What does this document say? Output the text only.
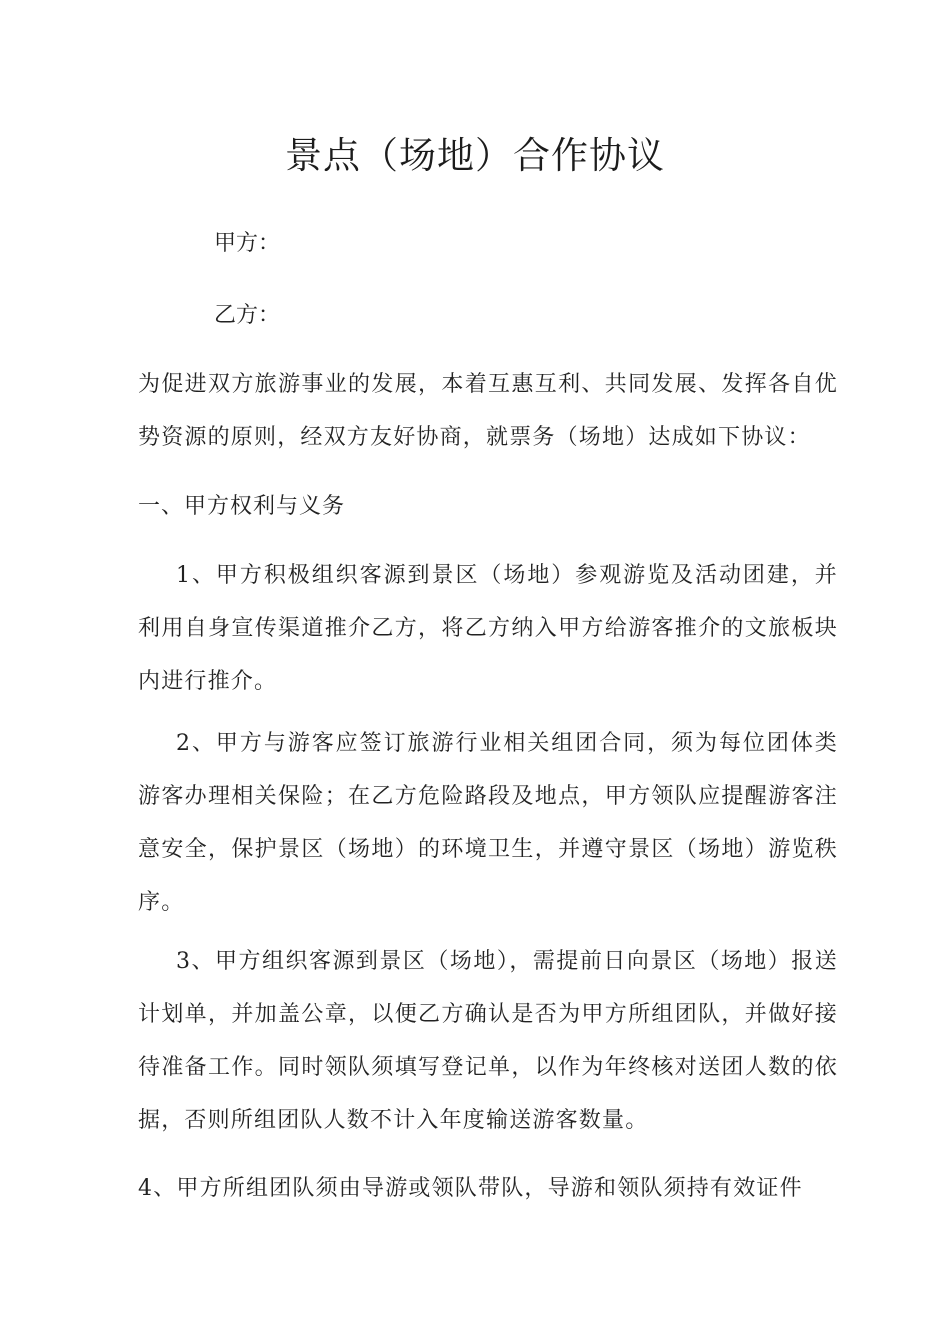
景点（场地）合作协议
甲方：
乙方：
为促进双方旅游事业的发展，本着互惠互利、共同发展、发挥各自优势资源的原则，经双方友好协商，就票务（场地）达成如下协议：
一、甲方权利与义务
1、甲方积极组织客源到景区（场地）参观游览及活动团建，并利用自身宣传渠道推介乙方，将乙方纳入甲方给游客推介的文旅板块内进行推介。
2、甲方与游客应签订旅游行业相关组团合同，须为每位团体类游客办理相关保险；在乙方危险路段及地点，甲方领队应提醒游客注意安全，保护景区（场地）的环境卫生，并遵守景区（场地）游览秩序。
3、甲方组织客源到景区（场地），需提前日向景区（场地）报送计划单，并加盖公章，以便乙方确认是否为甲方所组团队，并做好接待准备工作。同时领队须填写登记单，以作为年终核对送团人数的依据，否则所组团队人数不计入年度输送游客数量。
4、甲方所组团队须由导游或领队带队，导游和领队须持有效证件
